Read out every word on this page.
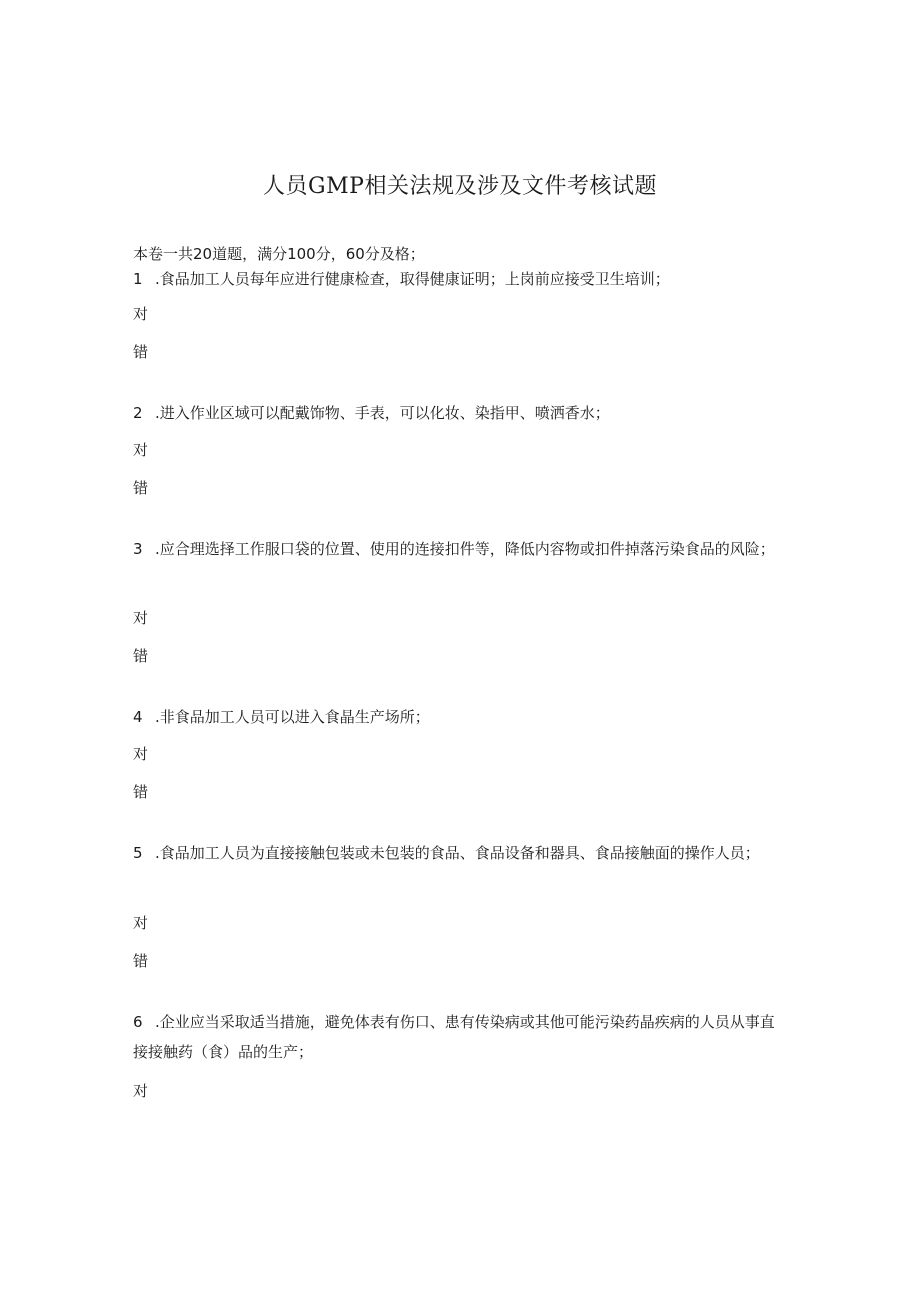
人员GMP相关法规及涉及文件考核试题
本卷一共20道题，满分100分，60分及格；
1 .食品加工人员每年应进行健康检查，取得健康证明；上岗前应接受卫生培训；
对
错
2 .进入作业区域可以配戴饰物、手表，可以化妆、染指甲、喷洒香水；
对
错
3 .应合理选择工作服口袋的位置、使用的连接扣件等，降低内容物或扣件掉落污染食品的风险；
对
错
4 .非食品加工人员可以进入食晶生产场所；
对
错
5 .食品加工人员为直接接触包装或未包装的食品、食品设备和器具、食品接触面的操作人员；
对
错
6 .企业应当采取适当措施，避免体表有伤口、患有传染病或其他可能污染药晶疾病的人员从事直接接触药（食）品的生产；
对
